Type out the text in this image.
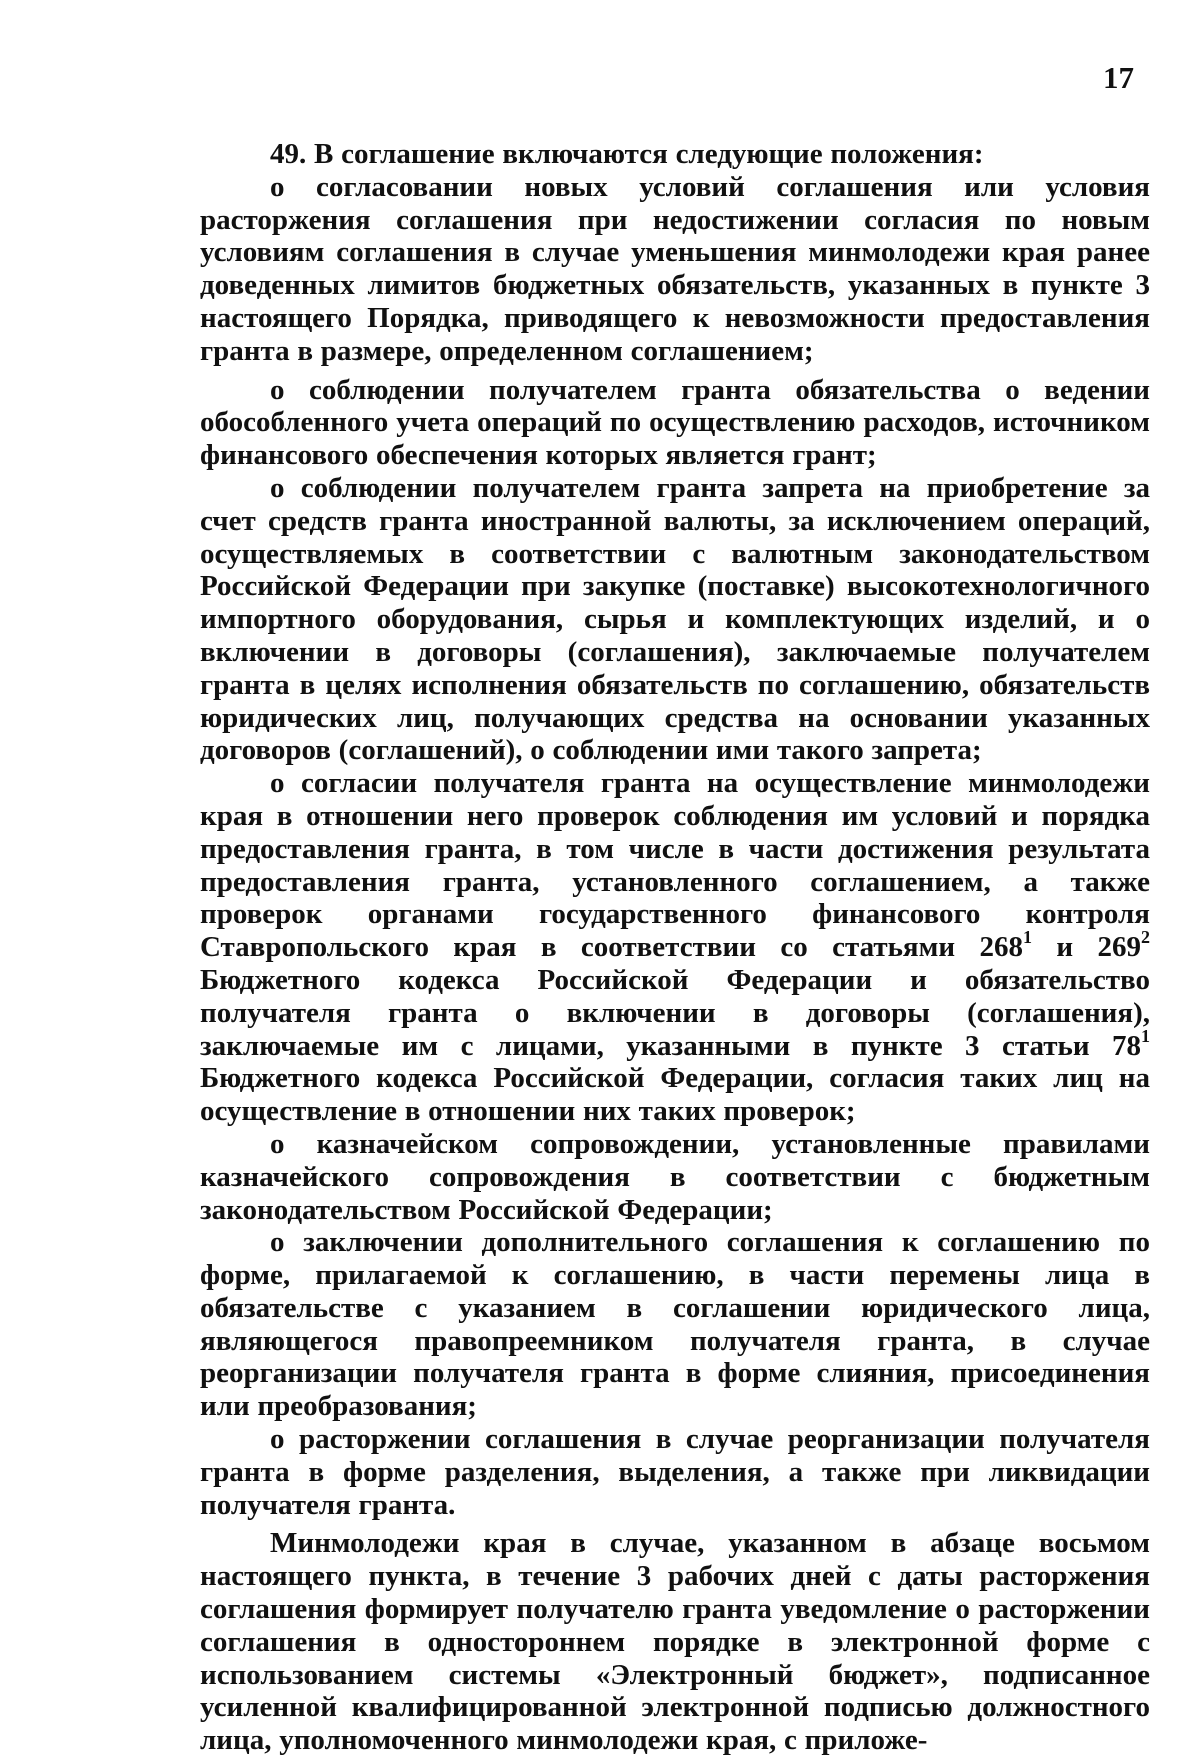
17

49. В соглашение включаются следующие положения:

о согласовании новых условий соглашения или условия расторжения соглашения при недостижении согласия по новым условиям соглашения в случае уменьшения минмолодежи края ранее доведенных лимитов бюджетных обязательств, указанных в пункте 3 настоящего Порядка, приводящего к невозможности предоставления гранта в размере, определенном соглашением;

о соблюдении получателем гранта обязательства о ведении обособленного учета операций по осуществлению расходов, источником финансового обеспечения которых является грант;

о соблюдении получателем гранта запрета на приобретение за счет средств гранта иностранной валюты, за исключением операций, осуществляемых в соответствии с валютным законодательством Российской Федерации при закупке (поставке) высокотехнологичного импортного оборудования, сырья и комплектующих изделий, и о включении в договоры (соглашения), заключаемые получателем гранта в целях исполнения обязательств по соглашению, обязательств юридических лиц, получающих средства на основании указанных договоров (соглашений), о соблюдении ими такого запрета;

о согласии получателя гранта на осуществление минмолодежи края в отношении него проверок соблюдения им условий и порядка предоставления гранта, в том числе в части достижения результата предоставления гранта, установленного соглашением, а также проверок органами государственного финансового контроля Ставропольского края в соответствии со статьями $268^1$ и $269^2$ Бюджетного кодекса Российской Федерации и обязательство получателя гранта о включении в договоры (соглашения), заключаемые им с лицами, указанными в пункте 3 статьи $78^1$ Бюджетного кодекса Российской Федерации, согласия таких лиц на осуществление в отношении них таких проверок;

о казначейском сопровождении, установленные правилами казначейского сопровождения в соответствии с бюджетным законодательством Российской Федерации;

о заключении дополнительного соглашения к соглашению по форме, прилагаемой к соглашению, в части перемены лица в обязательстве с указанием в соглашении юридического лица, являющегося правопреемником получателя гранта, в случае реорганизации получателя гранта в форме слияния, присоединения или преобразования;

о расторжении соглашения в случае реорганизации получателя гранта в форме разделения, выделения, а также при ликвидации получателя гранта.

Минмолодежи края в случае, указанном в абзаце восьмом настоящего пункта, в течение 3 рабочих дней с даты расторжения соглашения формирует получателю гранта уведомление о расторжении соглашения в одностороннем порядке в электронной форме с использованием системы «Электронный бюджет», подписанное усиленной квалифицированной электронной подписью должностного лица, уполномоченного минмолодежи края, с приложе-
